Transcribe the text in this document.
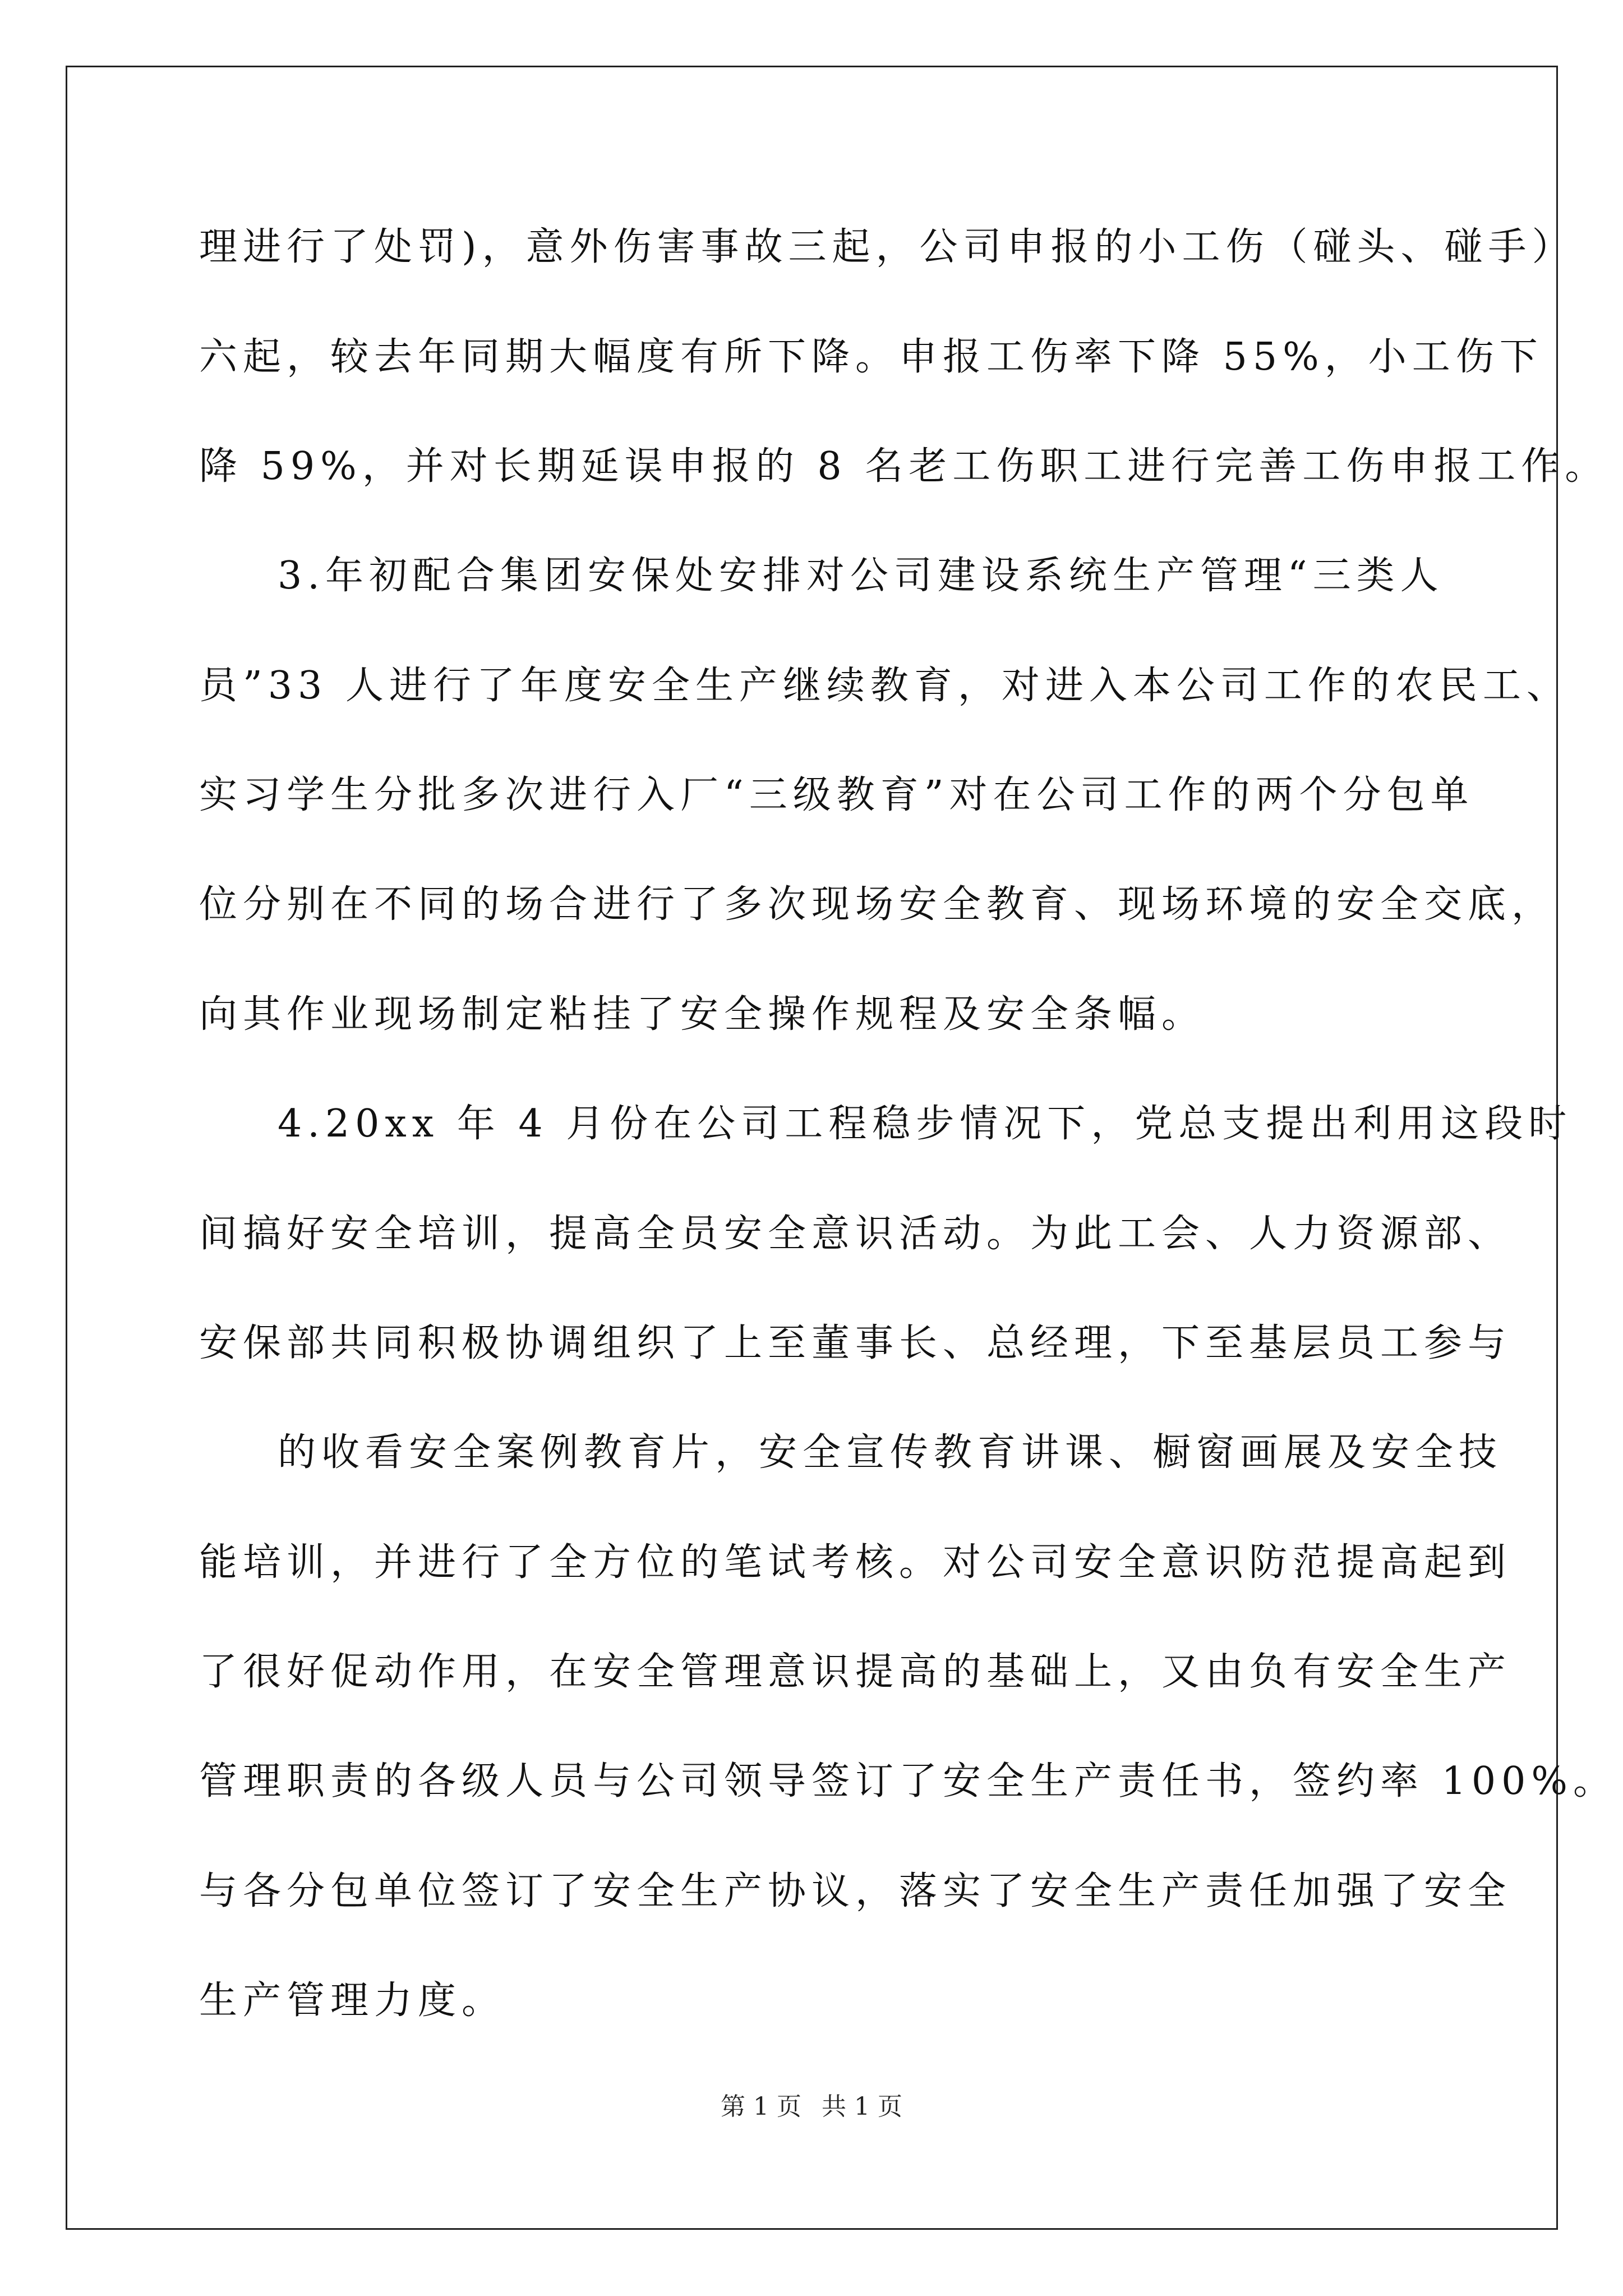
理进行了处罚)，意外伤害事故三起，公司申报的小工伤（碰头、碰手）
六起，较去年同期大幅度有所下降。申报工伤率下降 55%，小工伤下
降 59%，并对长期延误申报的 8 名老工伤职工进行完善工伤申报工作。
3.年初配合集团安保处安排对公司建设系统生产管理“三类人
员”33 人进行了年度安全生产继续教育，对进入本公司工作的农民工、
实习学生分批多次进行入厂“三级教育”对在公司工作的两个分包单
位分别在不同的场合进行了多次现场安全教育、现场环境的安全交底，
向其作业现场制定粘挂了安全操作规程及安全条幅。
4.20xx 年 4 月份在公司工程稳步情况下，党总支提出利用这段时
间搞好安全培训，提高全员安全意识活动。为此工会、人力资源部、
安保部共同积极协调组织了上至董事长、总经理，下至基层员工参与
的收看安全案例教育片，安全宣传教育讲课、橱窗画展及安全技
能培训，并进行了全方位的笔试考核。对公司安全意识防范提高起到
了很好促动作用，在安全管理意识提高的基础上，又由负有安全生产
管理职责的各级人员与公司领导签订了安全生产责任书，签约率 100%。
与各分包单位签订了安全生产协议，落实了安全生产责任加强了安全
生产管理力度。
第 1 页 共 1 页
